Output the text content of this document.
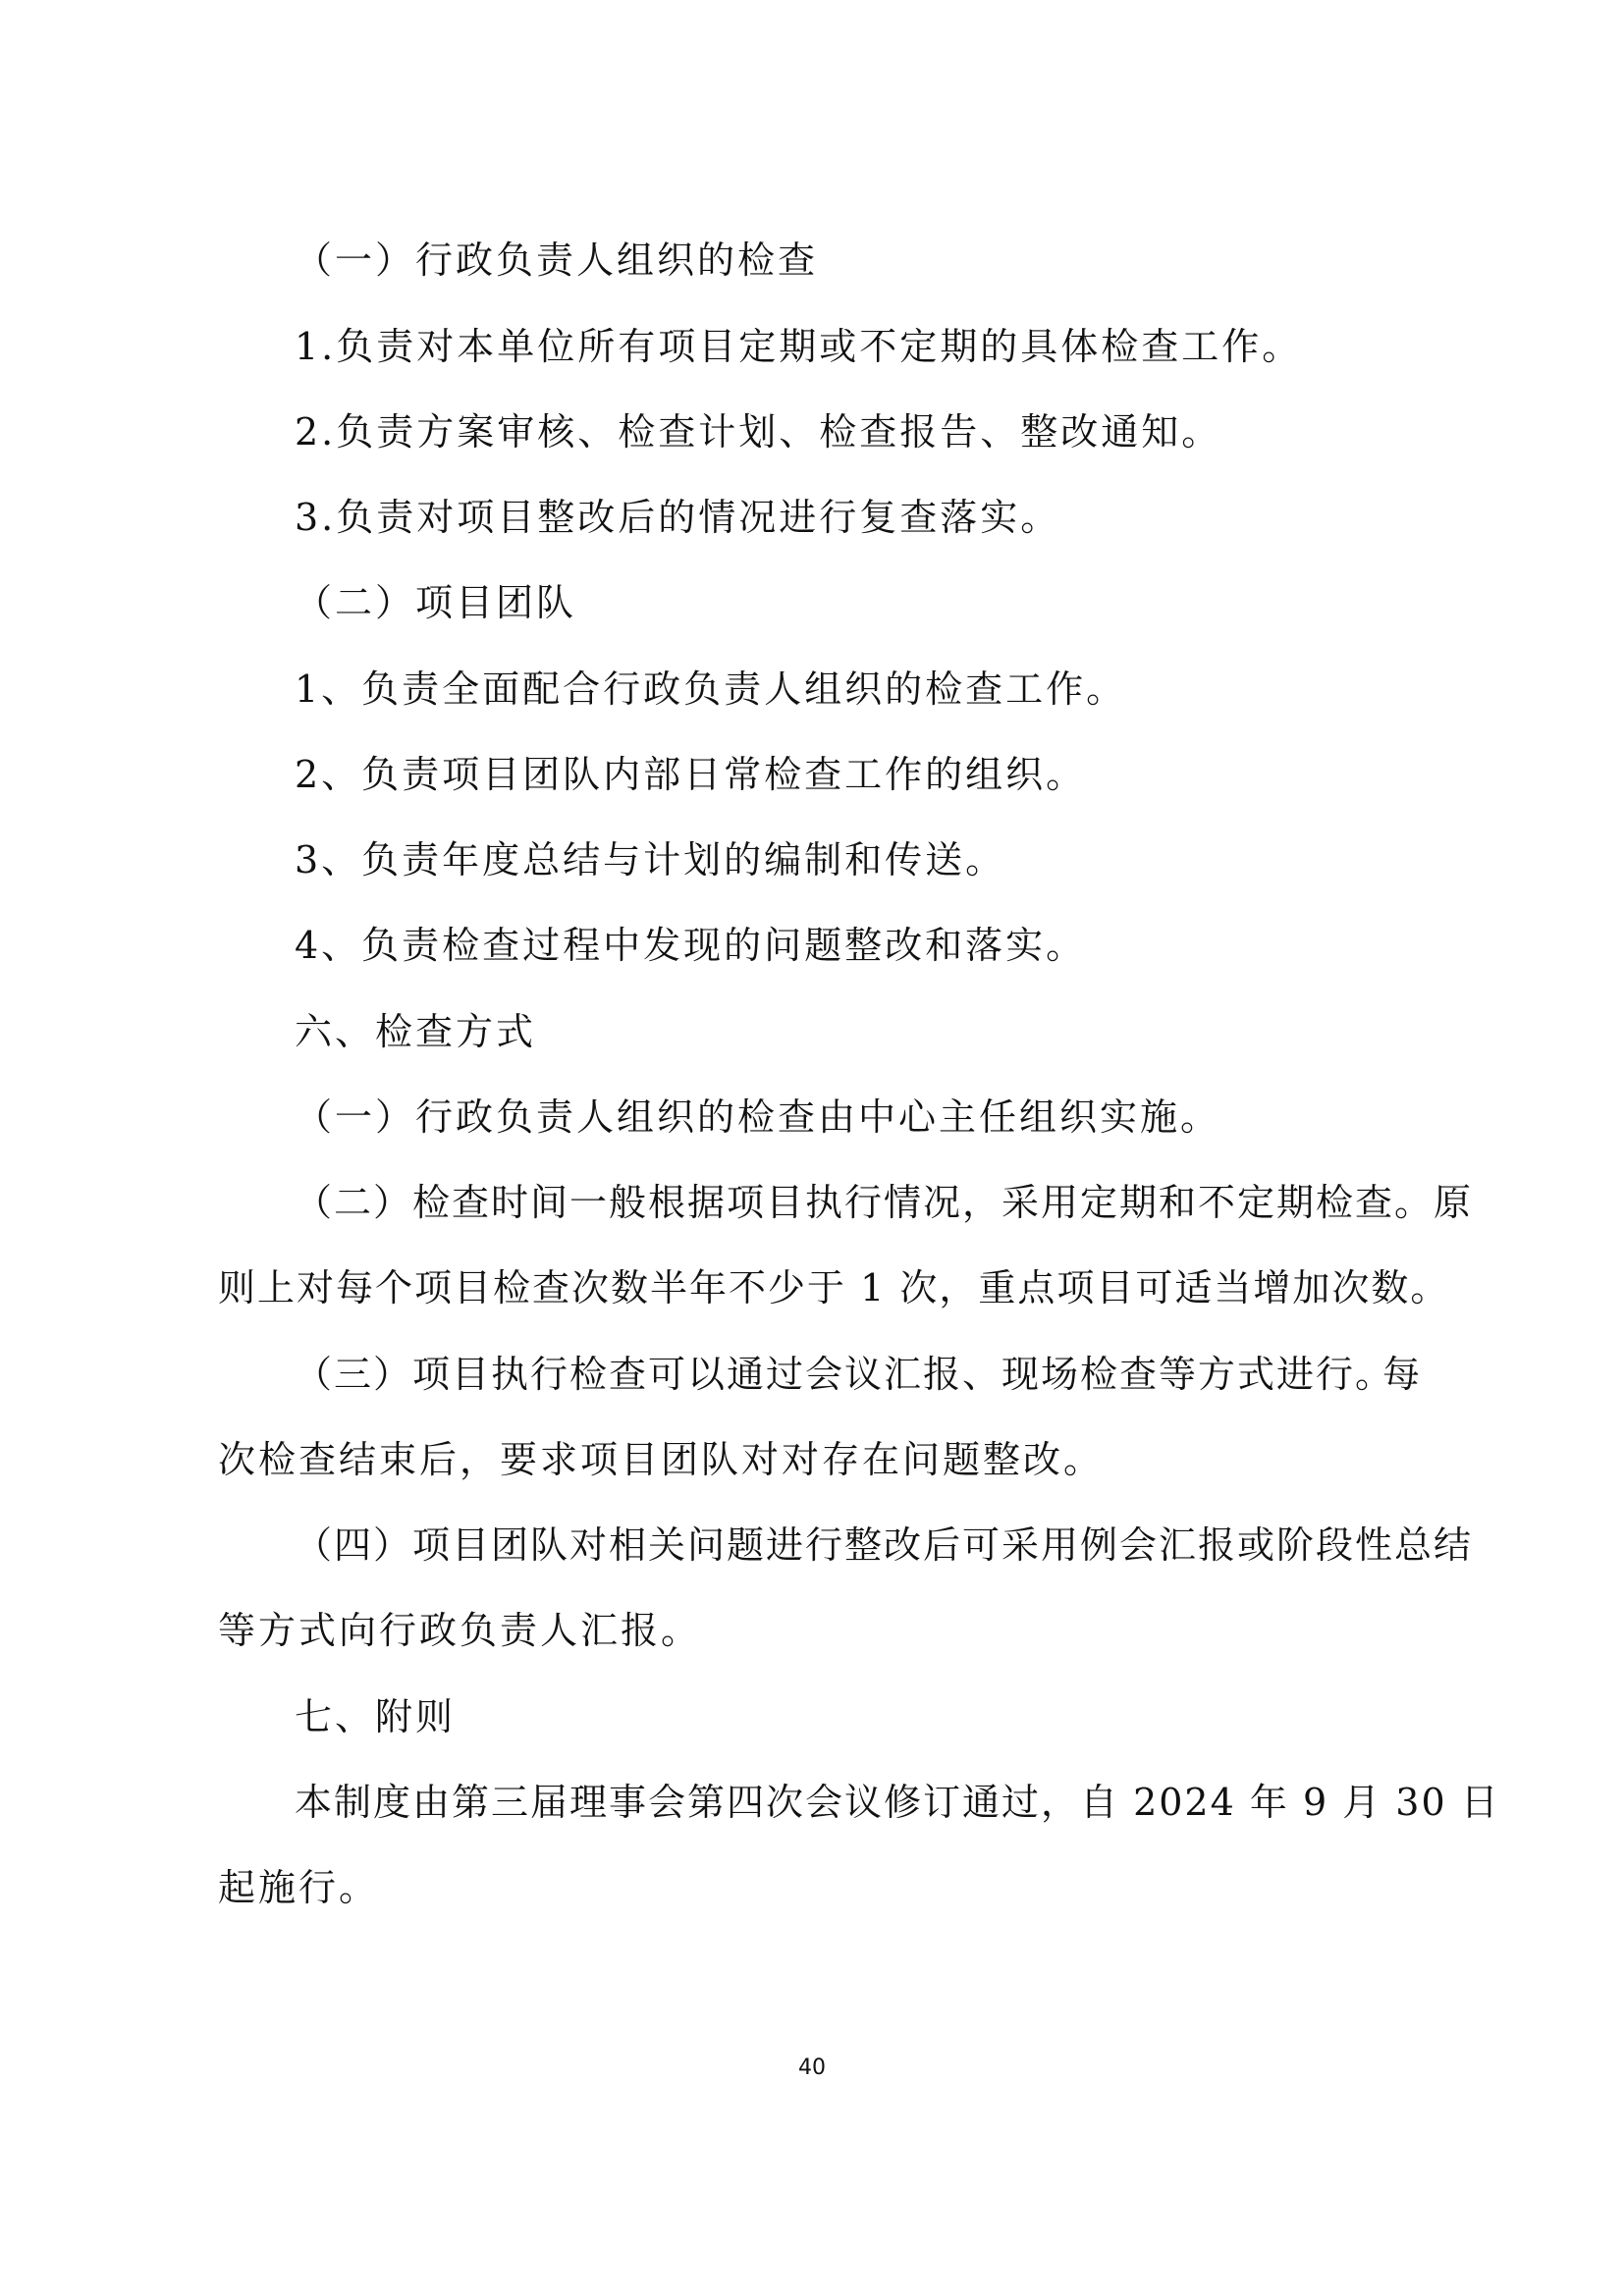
（一）行政负责人组织的检查
1.负责对本单位所有项目定期或不定期的具体检查工作。
2.负责方案审核、检查计划、检查报告、整改通知。
3.负责对项目整改后的情况进行复查落实。
（二）项目团队
1、负责全面配合行政负责人组织的检查工作。
2、负责项目团队内部日常检查工作的组织。
3、负责年度总结与计划的编制和传送。
4、负责检查过程中发现的问题整改和落实。
六、检查方式
（一）行政负责人组织的检查由中心主任组织实施。
（二）检查时间一般根据项目执行情况，采用定期和不定期检查。原
则上对每个项目检查次数半年不少于 1 次，重点项目可适当增加次数。
（三）项目执行检查可以通过会议汇报、现场检查等方式进行。
每
次检查结束后，要求项目团队对对存在问题整改。
（四）项目团队对相关问题进行整改后可采用例会汇报或阶段性总结
等方式向行政负责人汇报。
七、附则
本制度由第三届理事会第四次会议修订通过，自 2024 年 9 月 30 日
起施行。
40
